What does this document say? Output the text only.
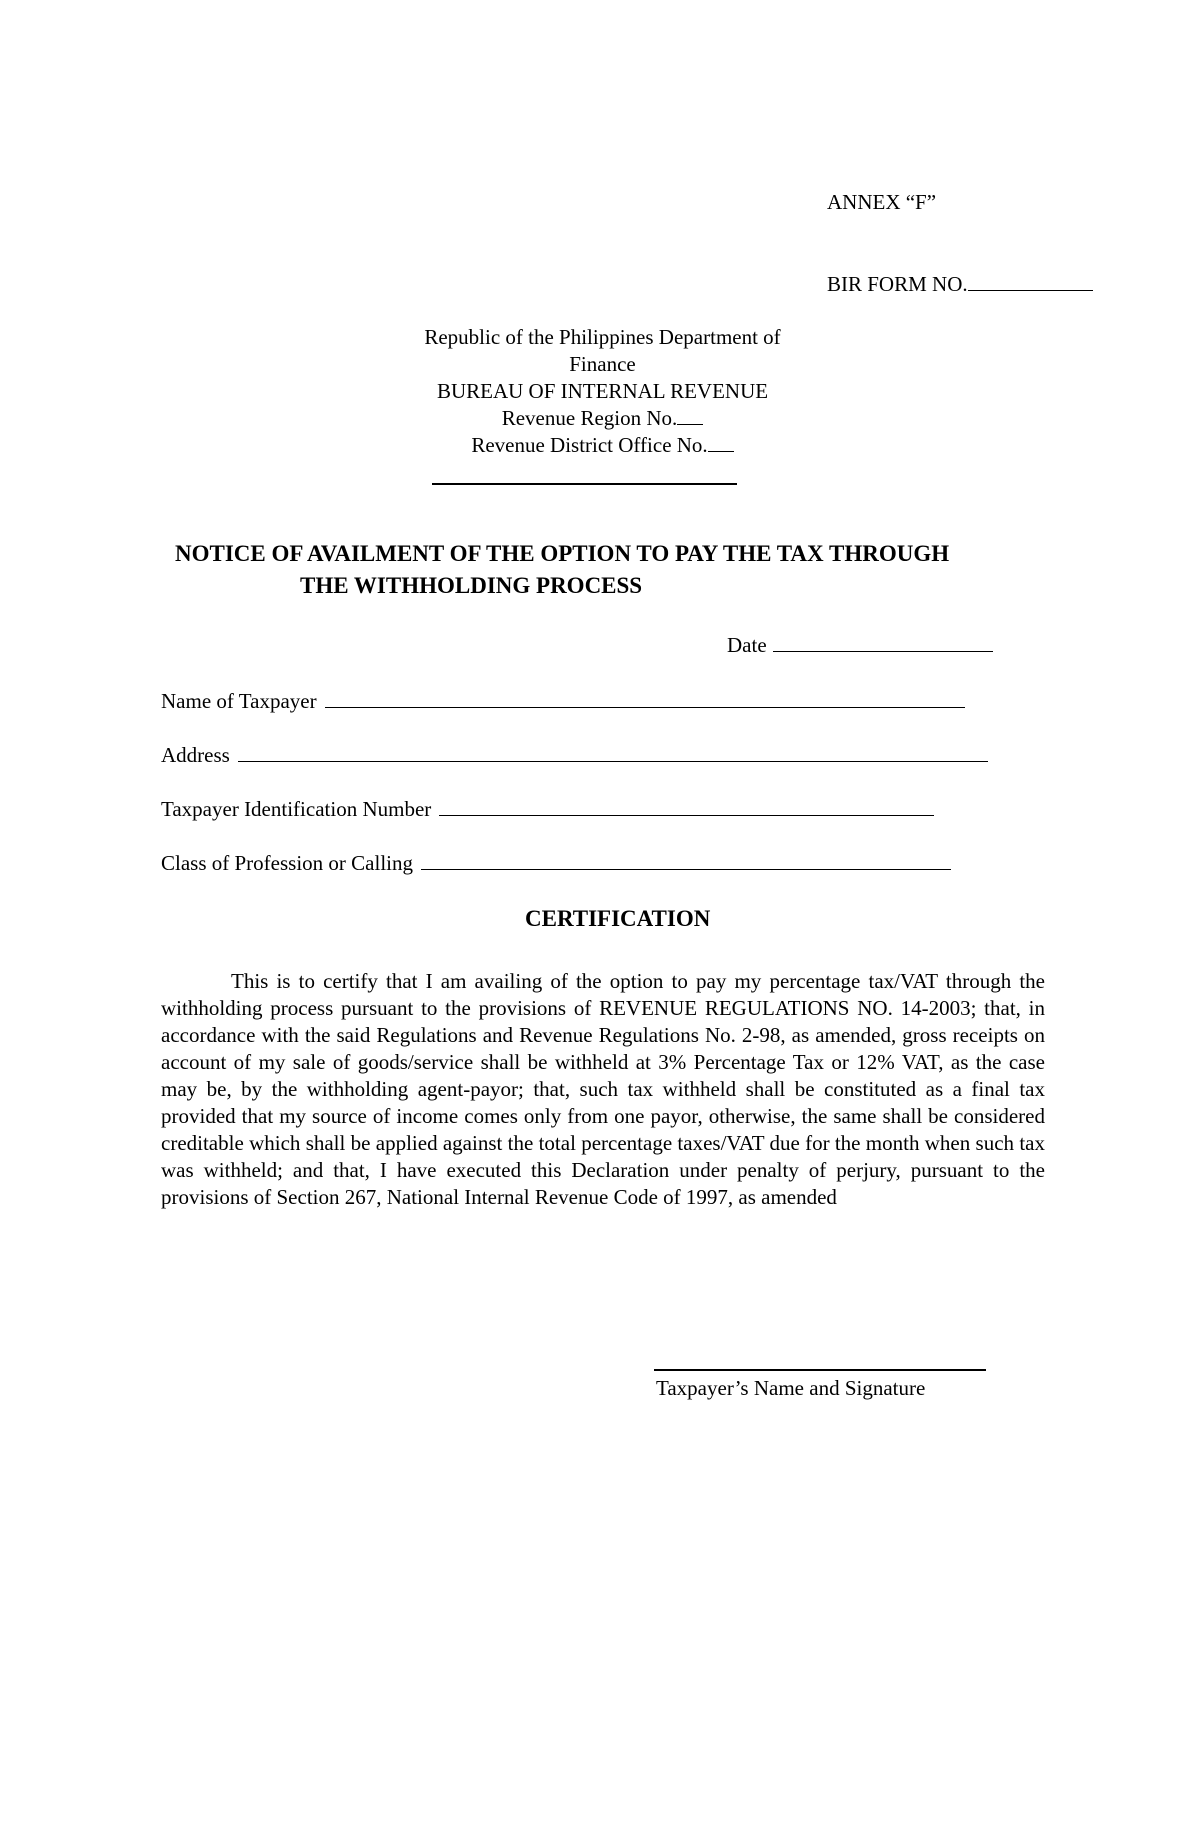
ANNEX “F”
BIR FORM NO.
Republic of the Philippines Department of Finance
BUREAU OF INTERNAL REVENUE
Revenue Region No.
Revenue District Office No.
NOTICE OF AVAILMENT OF THE OPTION TO PAY THE TAX THROUGH
THE WITHHOLDING PROCESS
Date
Name of Taxpayer
Address
Taxpayer Identification Number
Class of Profession or Calling
CERTIFICATION
This is to certify that I am availing of the option to pay my percentage tax/VAT through the withholding process pursuant to the provisions of REVENUE REGULATIONS NO. 14-2003; that, in accordance with the said Regulations and Revenue Regulations No. 2-98, as amended, gross receipts on account of my sale of goods/service shall be withheld at 3% Percentage Tax or 12% VAT, as the case may be, by the withholding agent-payor; that, such tax withheld shall be constituted as a final tax provided that my source of income comes only from one payor, otherwise, the same shall be considered creditable which shall be applied against the total percentage taxes/VAT due for the month when such tax was withheld; and that, I have executed this Declaration under penalty of perjury, pursuant to the provisions of Section 267, National Internal Revenue Code of 1997, as amended
Taxpayer’s Name and Signature
